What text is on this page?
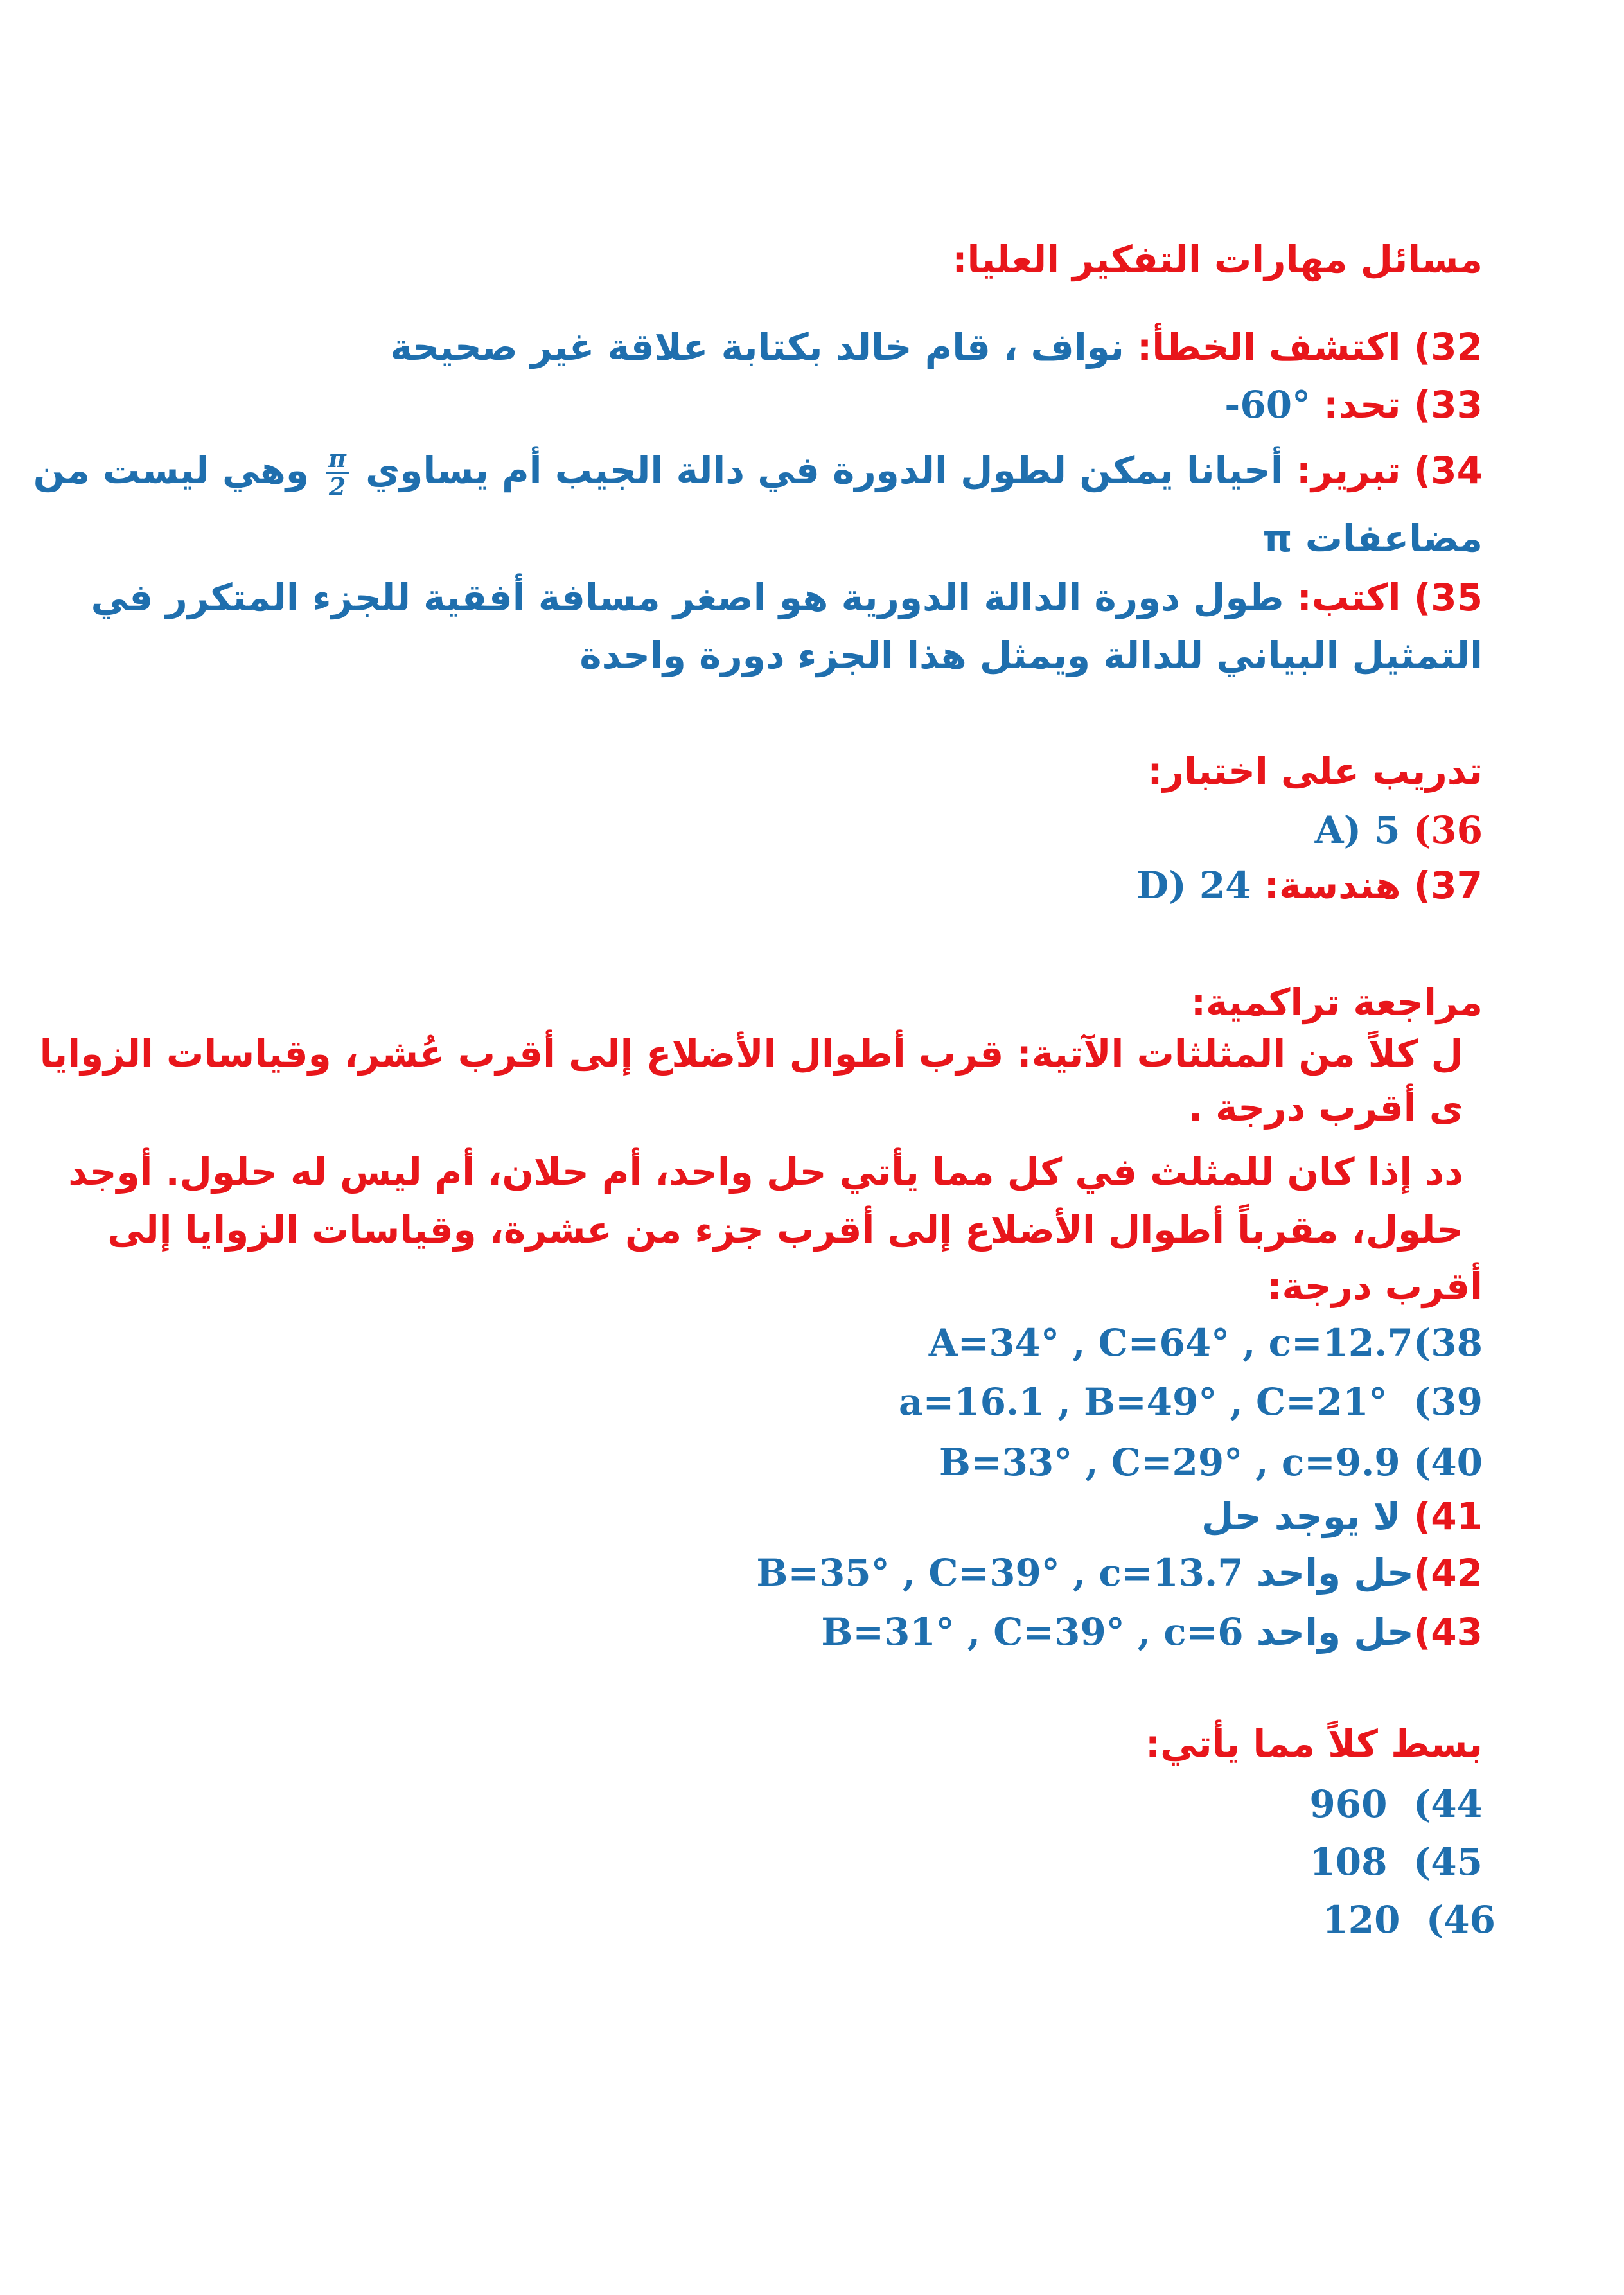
مسائل مهارات التفكير العليا:
32) اكتشف الخطأ: نواف ، قام خالد بكتابة علاقة غير صحيحة
33) تحد: -60°
34) تبرير: أحيانا يمكن لطول الدورة في دالة الجيب أم يساوي
$\frac{\pi}{2}$
وهي ليست من
مضاعفات π
35) اكتب: طول دورة الدالة الدورية هو اصغر مسافة أفقية للجزء المتكرر في
التمثيل البياني للدالة ويمثل هذا الجزء دورة واحدة
تدريب على اختبار:
36) A) 5
37) هندسة: D) 24
مراجعة تراكمية:
ل كلاً من المثلثات الآتية: قرب أطوال الأضلاع إلى أقرب عُشر، وقياسات الزوايا
ى أقرب درجة .
دد إذا كان للمثلث في كل مما يأتي حل واحد، أم حلان، أم ليس له حلول. أوجد
حلول، مقرباً أطوال الأضلاع إلى أقرب جزء من عشرة، وقياسات الزوايا إلى
أقرب درجة:
A=34° , C=64° , c=12.7(38
a=16.1 , B=49° , C=21° (39
B=33° , C=29° , c=9.9 (40
41) لا يوجد حل
42)حل واحد B=35° , C=39° , c=13.7
43)حل واحد B=31° , C=39° , c=6
بسط كلاً مما يأتي:
960 (44
108 (45
120 (46
